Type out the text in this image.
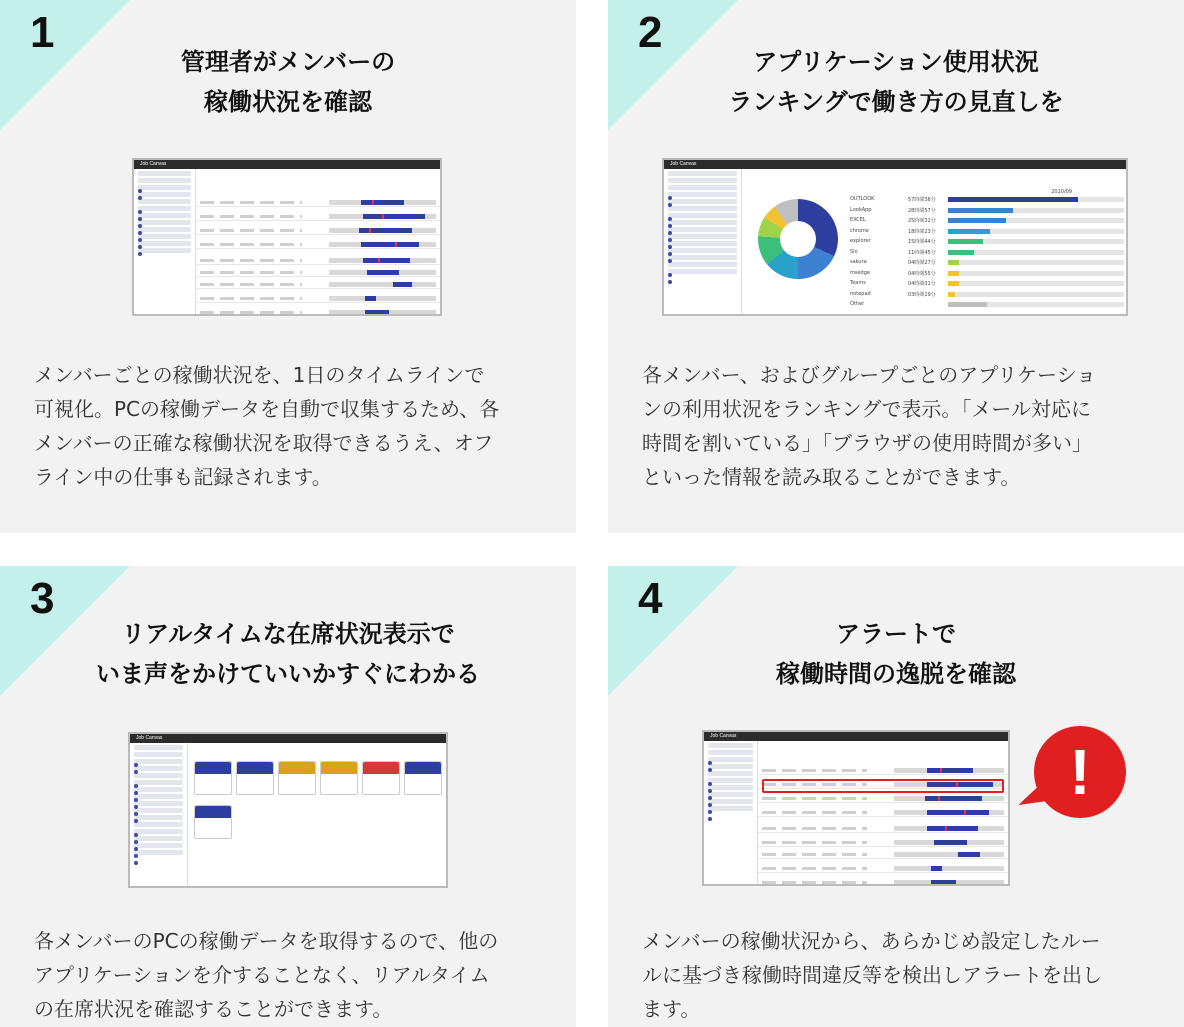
1
管理者がメンバーの
稼働状況を確認
Job Canvas
メンバーごとの稼働状況を、1日のタイムラインで
可視化。PCの稼働データを自動で収集するため、各
メンバーの正確な稼働状況を取得できるうえ、オフ
ライン中の仕事も記録されます。
2
アプリケーション使用状況
ランキングで働き方の見直しを
Job Canvas
2020/09
OUTLOOK	57時間36分
LookApp	28時間57分
EXCEL	25時間32分
chrome	18時間23分
explorer	15時間44分
Slo	11時間45分
sakura	04時間27分
msedge	04時間55分
Teams	04時間31分
notepad	03時間19分
Other
各メンバー、およびグループごとのアプリケーショ
ンの利用状況をランキングで表示。「メール対応に
時間を割いている」「ブラウザの使用時間が多い」
といった情報を読み取ることができます。
3
リアルタイムな在席状況表示で
いま声をかけていいかすぐにわかる
Job Canvas
各メンバーのPCの稼働データを取得するので、他の
アプリケーションを介することなく、リアルタイム
の在席状況を確認することができます。
4
アラートで
稼働時間の逸脱を確認
Job Canvas	!
メンバーの稼働状況から、あらかじめ設定したルー
ルに基づき稼働時間違反等を検出しアラートを出し
ます。
